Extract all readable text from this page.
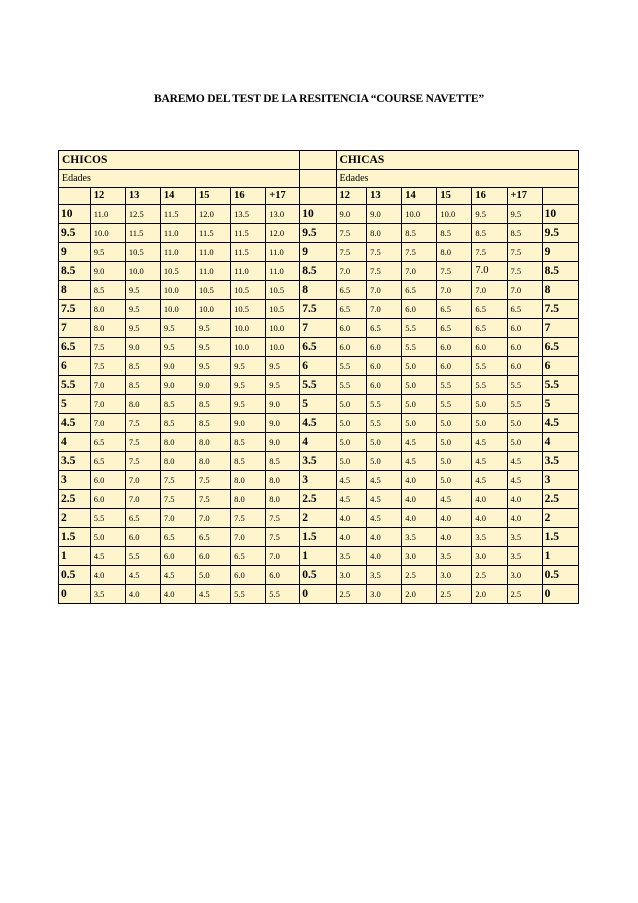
BAREMO DEL TEST DE LA RESITENCIA “COURSE NAVETTE”
CHICOS								CHICAS						
Edades								Edades						
	12	13	14	15	16	+17		12	13	14	15	16	+17	
10	11.0	12.5	11.5	12.0	13.5	13.0	10	9.0	9.0	10.0	10.0	9.5	9.5	10
9.5	10.0	11.5	11.0	11.5	11.5	12.0	9.5	7.5	8.0	8.5	8.5	8.5	8.5	9.5
9	9.5	10.5	11.0	11.0	11.5	11.0	9	7.5	7.5	7.5	8.0	7.5	7.5	9
8.5	9.0	10.0	10.5	11.0	11.0	11.0	8.5	7.0	7.5	7.0	7.5	7.0	7.5	8.5
8	8.5	9.5	10.0	10.5	10.5	10.5	8	6.5	7.0	6.5	7.0	7.0	7.0	8
7.5	8.0	9.5	10.0	10.0	10.5	10.5	7.5	6.5	7.0	6.0	6.5	6.5	6.5	7.5
7	8.0	9.5	9.5	9.5	10.0	10.0	7	6.0	6.5	5.5	6.5	6.5	6.0	7
6.5	7.5	9.0	9.5	9.5	10.0	10.0	6.5	6.0	6.0	5.5	6.0	6.0	6.0	6.5
6	7.5	8.5	9.0	9.5	9.5	9.5	6	5.5	6.0	5.0	6.0	5.5	6.0	6
5.5	7.0	8.5	9.0	9.0	9.5	9.5	5.5	5.5	6.0	5.0	5.5	5.5	5.5	5.5
5	7.0	8.0	8.5	8.5	9.5	9.0	5	5.0	5.5	5.0	5.5	5.0	5.5	5
4.5	7.0	7.5	8.5	8.5	9.0	9.0	4.5	5.0	5.5	5.0	5.0	5.0	5.0	4.5
4	6.5	7.5	8.0	8.0	8.5	9.0	4	5.0	5.0	4.5	5.0	4.5	5.0	4
3.5	6.5	7.5	8.0	8.0	8.5	8.5	3.5	5.0	5.0	4.5	5.0	4.5	4.5	3.5
3	6.0	7.0	7.5	7.5	8.0	8.0	3	4.5	4.5	4.0	5.0	4.5	4.5	3
2.5	6.0	7.0	7.5	7.5	8.0	8.0	2.5	4.5	4.5	4.0	4.5	4.0	4.0	2.5
2	5.5	6.5	7.0	7.0	7.5	7.5	2	4.0	4.5	4.0	4.0	4.0	4.0	2
1.5	5.0	6.0	6.5	6.5	7.0	7.5	1.5	4.0	4.0	3.5	4.0	3.5	3.5	1.5
1	4.5	5.5	6.0	6.0	6.5	7.0	1	3.5	4.0	3.0	3.5	3.0	3.5	1
0.5	4.0	4.5	4.5	5.0	6.0	6.0	0.5	3.0	3.5	2.5	3.0	2.5	3.0	0.5
0	3.5	4.0	4.0	4.5	5.5	5.5	0	2.5	3.0	2.0	2.5	2.0	2.5	0
